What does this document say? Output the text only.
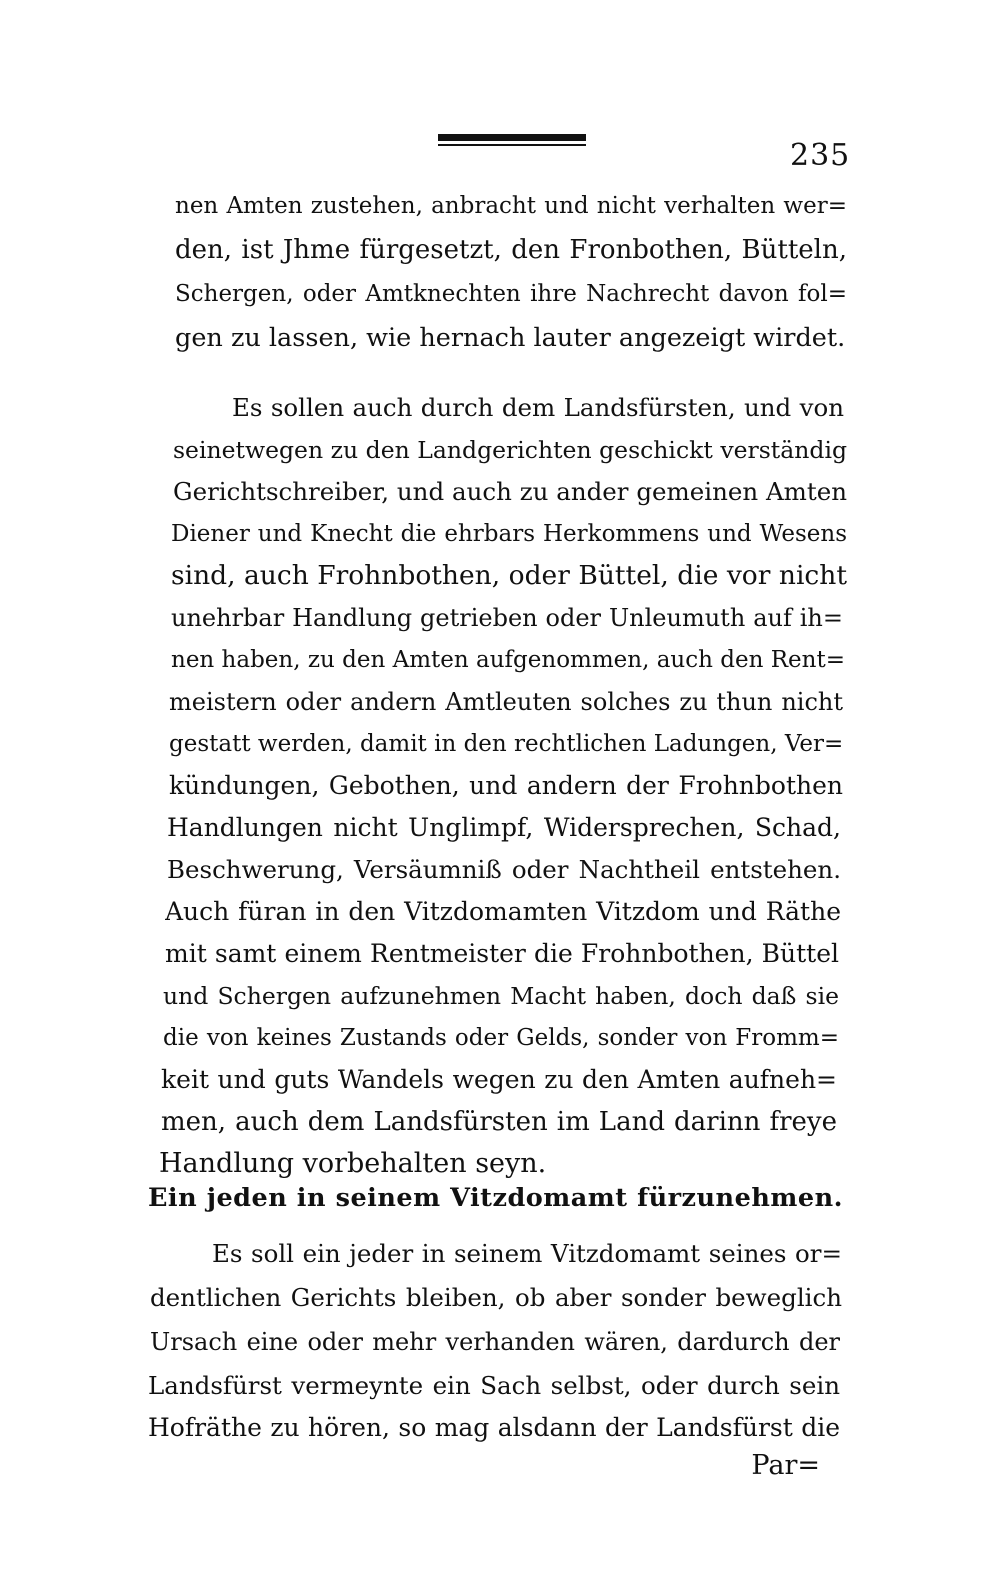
235
nen Amten zustehen, anbracht und nicht verhalten wer=
den, ist Jhme fürgesetzt, den Fronbothen, Bütteln,
Schergen, oder Amtknechten ihre Nachrecht davon fol=
gen zu lassen, wie hernach lauter angezeigt wirdet.
Es sollen auch durch dem Landsfürsten, und von
seinetwegen zu den Landgerichten geschickt verständig
Gerichtschreiber, und auch zu ander gemeinen Amten
Diener und Knecht die ehrbars Herkommens und Wesens
sind, auch Frohnbothen, oder Büttel, die vor nicht
unehrbar Handlung getrieben oder Unleumuth auf ih=
nen haben, zu den Amten aufgenommen, auch den Rent=
meistern oder andern Amtleuten solches zu thun nicht
gestatt werden, damit in den rechtlichen Ladungen, Ver=
kündungen, Gebothen, und andern der Frohnbothen
Handlungen nicht Unglimpf, Widersprechen, Schad,
Beschwerung, Versäumniß oder Nachtheil entstehen.
Auch füran in den Vitzdomamten Vitzdom und Räthe
mit samt einem Rentmeister die Frohnbothen, Büttel
und Schergen aufzunehmen Macht haben, doch daß sie
die von keines Zustands oder Gelds, sonder von Fromm=
keit und guts Wandels wegen zu den Amten aufneh=
men, auch dem Landsfürsten im Land darinn freye
Handlung vorbehalten seyn.
Ein jeden in seinem Vitzdomamt fürzunehmen.
Es soll ein jeder in seinem Vitzdomamt seines or=
dentlichen Gerichts bleiben, ob aber sonder beweglich
Ursach eine oder mehr verhanden wären, dardurch der
Landsfürst vermeynte ein Sach selbst, oder durch sein
Hofräthe zu hören, so mag alsdann der Landsfürst die
Par=
